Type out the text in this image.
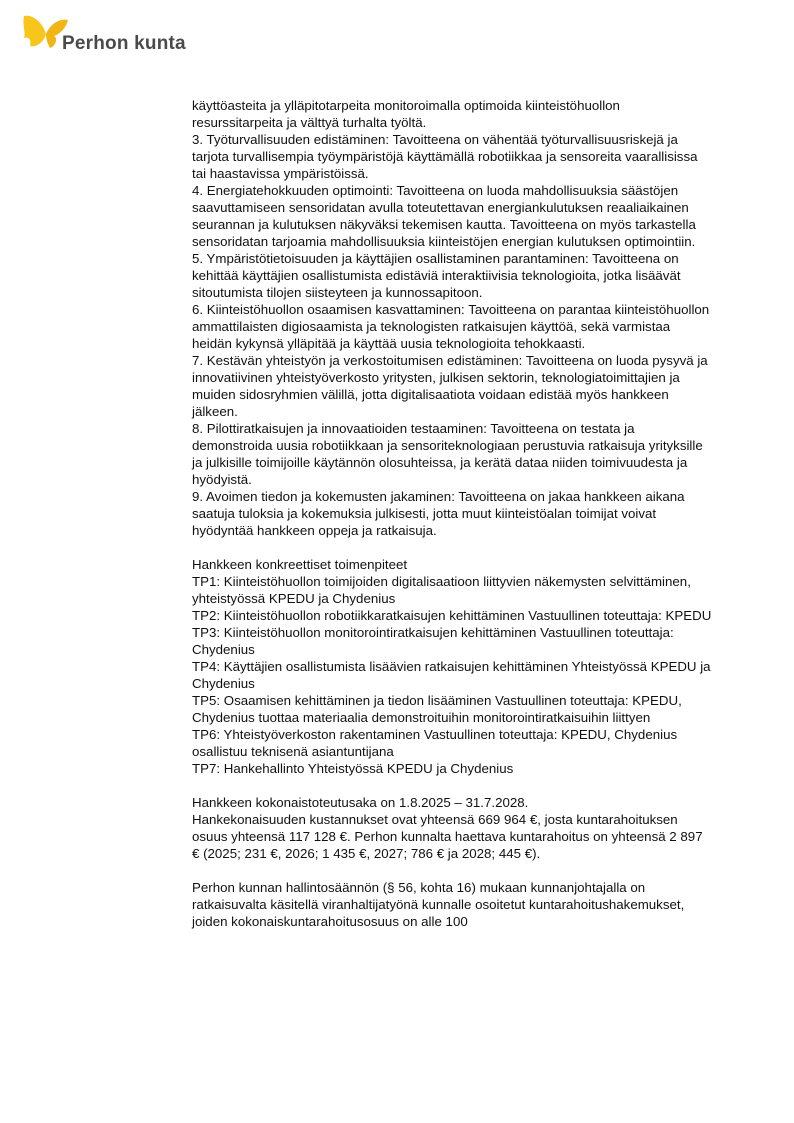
Perhon kunta

käyttöasteita ja ylläpitotarpeita monitoroimalla optimoida kiinteistöhuollon resurssitarpeita ja välttyä turhalta työltä.

3. Työturvallisuuden edistäminen: Tavoitteena on vähentää työturvallisuusriskejä ja tarjota turvallisempia työympäristöjä käyttämällä robotiikkaa ja sensoreita vaarallisissa tai haastavissa ympäristöissä.

4. Energiatehokkuuden optimointi: Tavoitteena on luoda mahdollisuuksia säästöjen saavuttamiseen sensoridatan avulla toteutettavan energiankulutuksen reaaliaikainen seurannan ja kulutuksen näkyväksi tekemisen kautta. Tavoitteena on myös tarkastella sensoridatan tarjoamia mahdollisuuksia kiinteistöjen energian kulutuksen optimointiin.

5. Ympäristötietoisuuden ja käyttäjien osallistaminen parantaminen: Tavoitteena on kehittää käyttäjien osallistumista edistäviä interaktiivisia teknologioita, jotka lisäävät sitoutumista tilojen siisteyteen ja kunnossapitoon.

6. Kiinteistöhuollon osaamisen kasvattaminen: Tavoitteena on parantaa kiinteistöhuollon ammattilaisten digiosaamista ja teknologisten ratkaisujen käyttöä, sekä varmistaa heidän kykynsä ylläpitää ja käyttää uusia teknologioita tehokkaasti.

7. Kestävän yhteistyön ja verkostoitumisen edistäminen: Tavoitteena on luoda pysyvä ja innovatiivinen yhteistyöverkosto yritysten, julkisen sektorin, teknologiatoimittajien ja muiden sidosryhmien välillä, jotta digitalisaatiota voidaan edistää myös hankkeen jälkeen.

8. Pilottiratkaisujen ja innovaatioiden testaaminen: Tavoitteena on testata ja demonstroida uusia robotiikkaan ja sensoriteknologiaan perustuvia ratkaisuja yrityksille ja julkisille toimijoille käytännön olosuhteissa, ja kerätä dataa niiden toimivuudesta ja hyödyistä.

9. Avoimen tiedon ja kokemusten jakaminen: Tavoitteena on jakaa hankkeen aikana saatuja tuloksia ja kokemuksia julkisesti, jotta muut kiinteistöalan toimijat voivat hyödyntää hankkeen oppeja ja ratkaisuja.

Hankkeen konkreettiset toimenpiteet

TP1: Kiinteistöhuollon toimijoiden digitalisaatioon liittyvien näkemysten selvittäminen, yhteistyössä KPEDU ja Chydenius

TP2: Kiinteistöhuollon robotiikkaratkaisujen kehittäminen Vastuullinen toteuttaja: KPEDU

TP3: Kiinteistöhuollon monitorointiratkaisujen kehittäminen Vastuullinen toteuttaja: Chydenius

TP4: Käyttäjien osallistumista lisäävien ratkaisujen kehittäminen Yhteistyössä KPEDU ja Chydenius

TP5: Osaamisen kehittäminen ja tiedon lisääminen Vastuullinen toteuttaja: KPEDU, Chydenius tuottaa materiaalia demonstroituihin monitorointiratkaisuihin liittyen

TP6: Yhteistyöverkoston rakentaminen Vastuullinen toteuttaja: KPEDU, Chydenius osallistuu teknisenä asiantuntijana

TP7: Hankehallinto Yhteistyössä KPEDU ja Chydenius

Hankkeen kokonaistoteutusaka on 1.8.2025 – 31.7.2028.

Hankekonaisuuden kustannukset ovat yhteensä 669 964 €, josta kuntarahoituksen osuus yhteensä 117 128 €. Perhon kunnalta haettava kuntarahoitus on yhteensä 2 897 € (2025; 231 €, 2026; 1 435 €, 2027; 786 € ja 2028; 445 €).

Perhon kunnan hallintosäännön (§ 56, kohta 16) mukaan kunnanjohtajalla on ratkaisuvalta käsitellä viranhaltijatyönä kunnalle osoitetut kuntarahoitushakemukset, joiden kokonaiskuntarahoitusosuus on alle 100
